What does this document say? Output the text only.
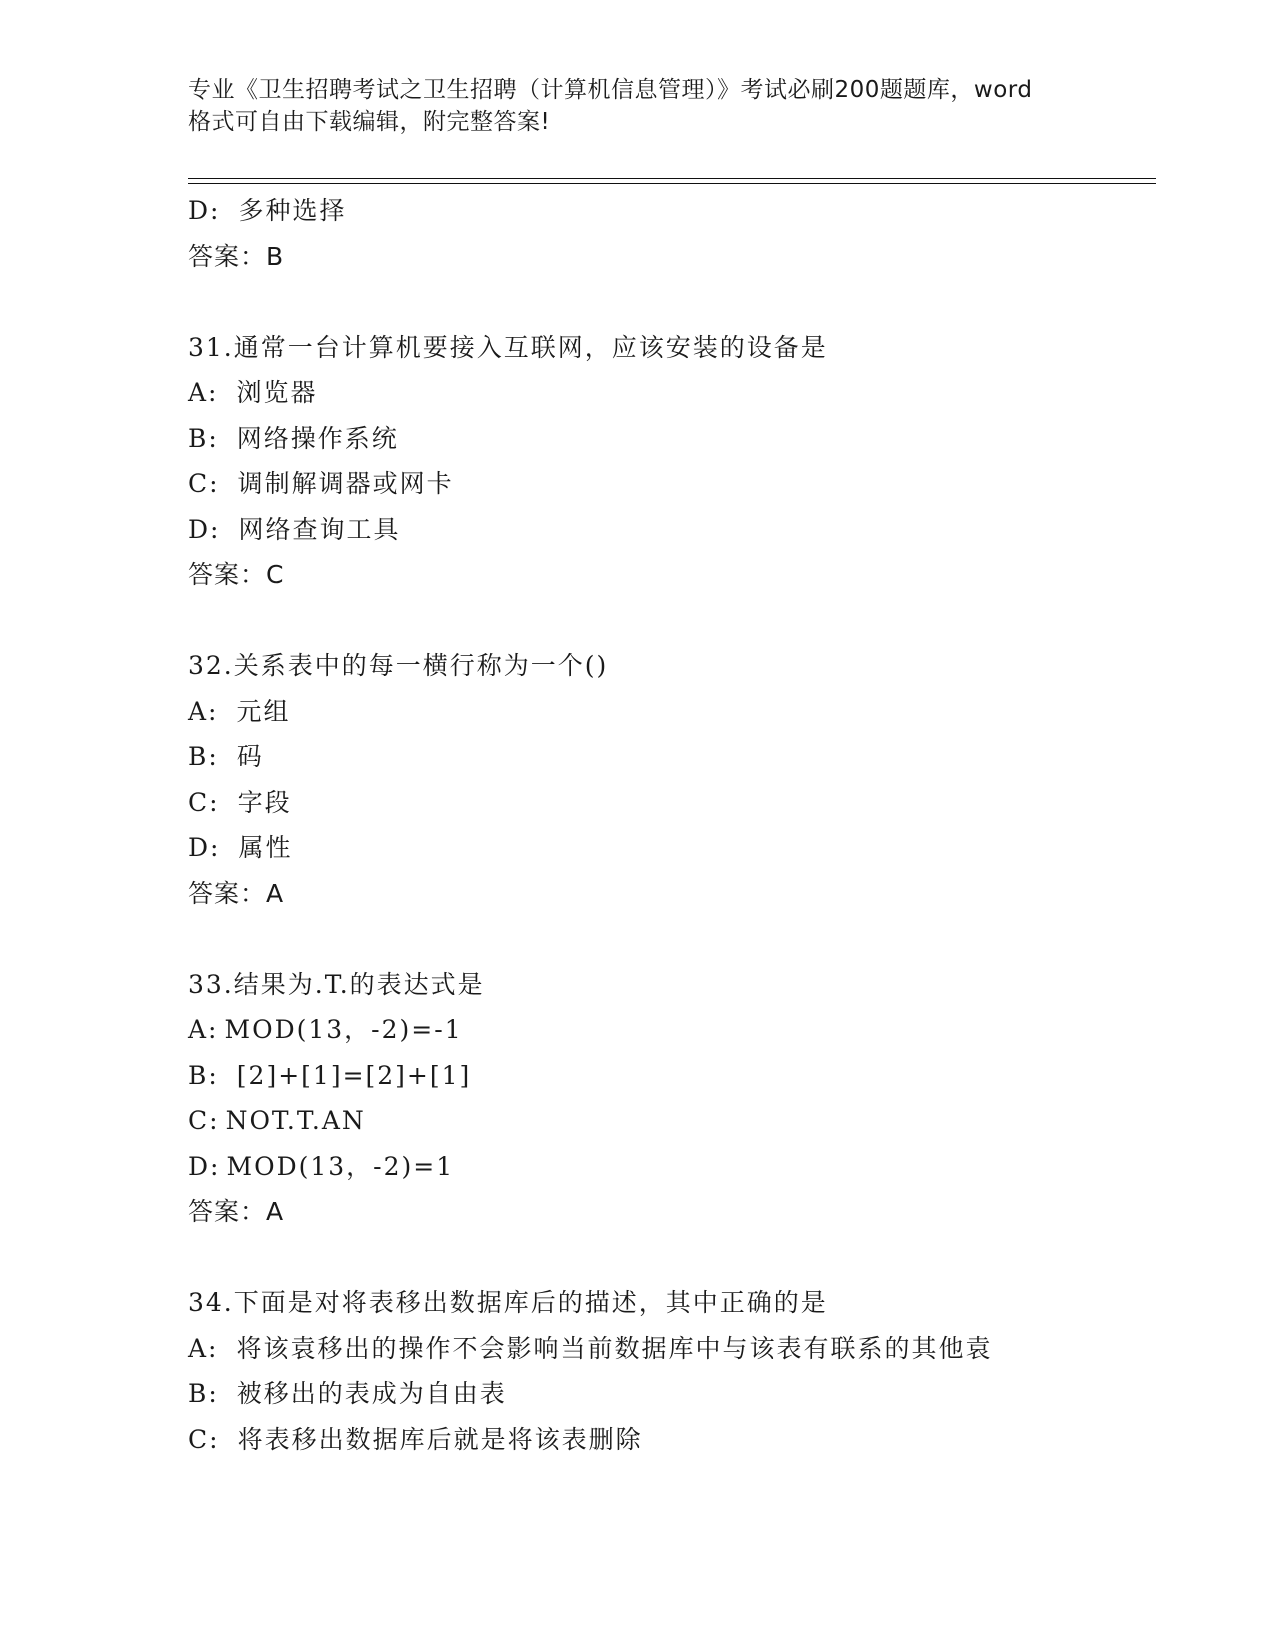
专业《卫生招聘考试之卫生招聘（计算机信息管理）》考试必刷200题题库，word
格式可自由下载编辑，附完整答案!
D: 多种选择
答案：B
31.通常一台计算机要接入互联网，应该安装的设备是
A: 浏览器
B: 网络操作系统
C: 调制解调器或网卡
D: 网络查询工具
答案：C
32.关系表中的每一横行称为一个()
A: 元组
B: 码
C: 字段
D: 属性
答案：A
33.结果为.T.的表达式是
A: MOD(13，-2)=-1
B: [2]+[1]=[2]+[1]
C: NOT.T.AN
D: MOD(13，-2)=1
答案：A
34.下面是对将表移出数据库后的描述，其中正确的是
A: 将该袁移出的操作不会影响当前数据库中与该表有联系的其他袁
B: 被移出的表成为自由表
C: 将表移出数据库后就是将该表删除
